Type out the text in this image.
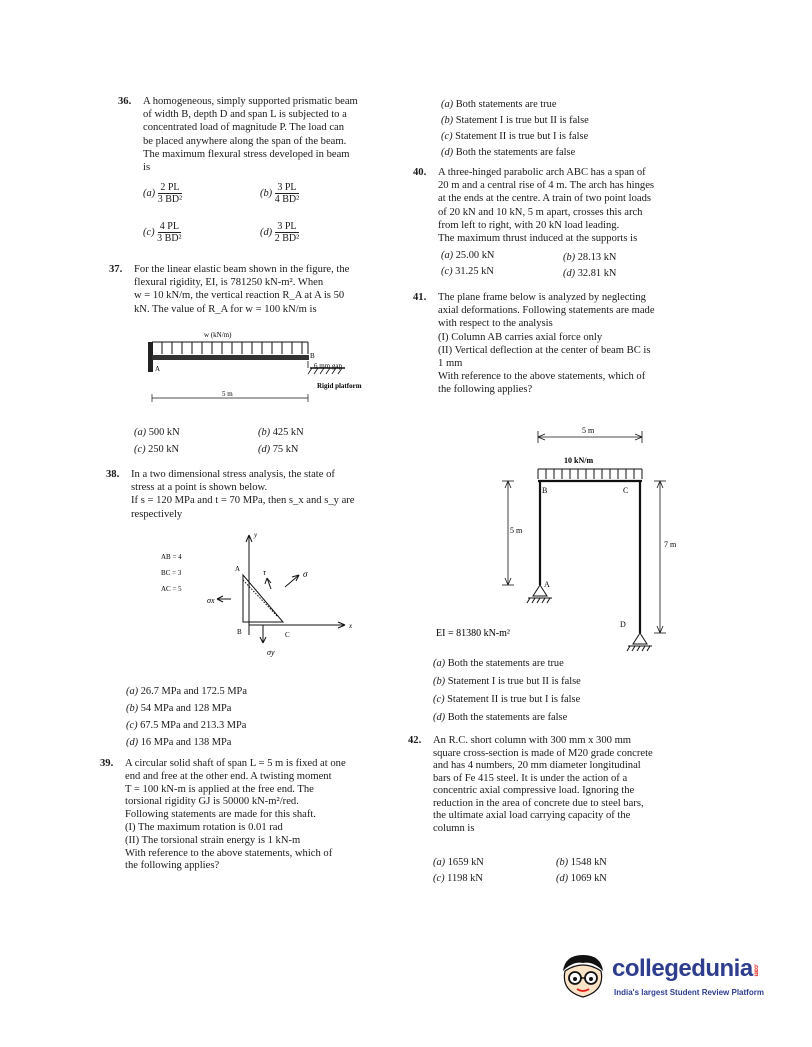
36. A homogeneous, simply supported prismatic beam
of width B, depth D and span L is subjected to a
concentrated load of magnitude P. The load can
be placed anywhere along the span of the beam.
The maximum flexural stress developed in beam
is
$(a) \frac{2 PL}{\text{3 BD²}}$	$(b) \frac{3 PL}{\text{4 BD²}}$
$(c) \frac{4 PL}{\text{3 BD²}}$	$(d) \frac{3 PL}{\text{2 BD²}}$
37. For the linear elastic beam shown in the figure, the
flexural rigidity, EI, is 781250 kN-m². When
w = 10 kN/m, the vertical reaction R_A at A is 50
kN. The value of R_A for w = 100 kN/m is
w (kN/m)
A
B
6 mm gap
Rigid platform
5 m
(a) 500 kN	(b) 425 kN
(c) 250 kN	(d) 75 kN
38. In a two dimensional stress analysis, the state of
stress at a point is shown below.
If s = 120 MPa and t = 70 MPa, then s_x and s_y are
respectively
AB = 4
BC = 3
AC = 5
y
x
A
B	C
τ	σ
σx
σy
(a) 26.7 MPa and 172.5 MPa
(b) 54 MPa and 128 MPa
(c) 67.5 MPa and 213.3 MPa
(d) 16 MPa and 138 MPa
39. A circular solid shaft of span L = 5 m is fixed at one
end and free at the other end. A twisting moment
T = 100 kN-m is applied at the free end. The
torsional rigidity GJ is 50000 kN-m²/red.
Following statements are made for this shaft.
(I) The maximum rotation is 0.01 rad
(II) The torsional strain energy is 1 kN-m
With reference to the above statements, which of
the following applies?
(a) Both statements are true
(b) Statement I is true but II is false
(c) Statement II is true but I is false
(d) Both the statements are false
40. A three-hinged parabolic arch ABC has a span of
20 m and a central rise of 4 m. The arch has hinges
at the ends at the centre. A train of two point loads
of 20 kN and 10 kN, 5 m apart, crosses this arch
from left to right, with 20 kN load leading.
The maximum thrust induced at the supports is
(a) 25.00 kN	(b) 28.13 kN
(c) 31.25 kN	(d) 32.81 kN
41. The plane frame below is analyzed by neglecting
axial deformations. Following statements are made
with respect to the analysis
(I) Column AB carries axial force only
(II) Vertical deflection at the center of beam BC is
1 mm
With reference to the above statements, which of
the following applies?
5 m
10 kN/m
B	C
A
D
5 m
7 m
EI = 81380 kN-m²
(a) Both the statements are true
(b) Statement I is true but II is false
(c) Statement II is true but I is false
(d) Both the statements are false
42. An R.C. short column with 300 mm x 300 mm
square cross-section is made of M20 grade concrete
and has 4 numbers, 20 mm diameter longitudinal
bars of Fe 415 steel. It is under the action of a
concentric axial compressive load. Ignoring the
reduction in the area of concrete due to steel bars,
the ultimate axial load carrying capacity of the
column is
(a) 1659 kN	(b) 1548 kN
(c) 1198 kN	(d) 1069 kN
collegedunia.com
India's largest Student Review Platform
